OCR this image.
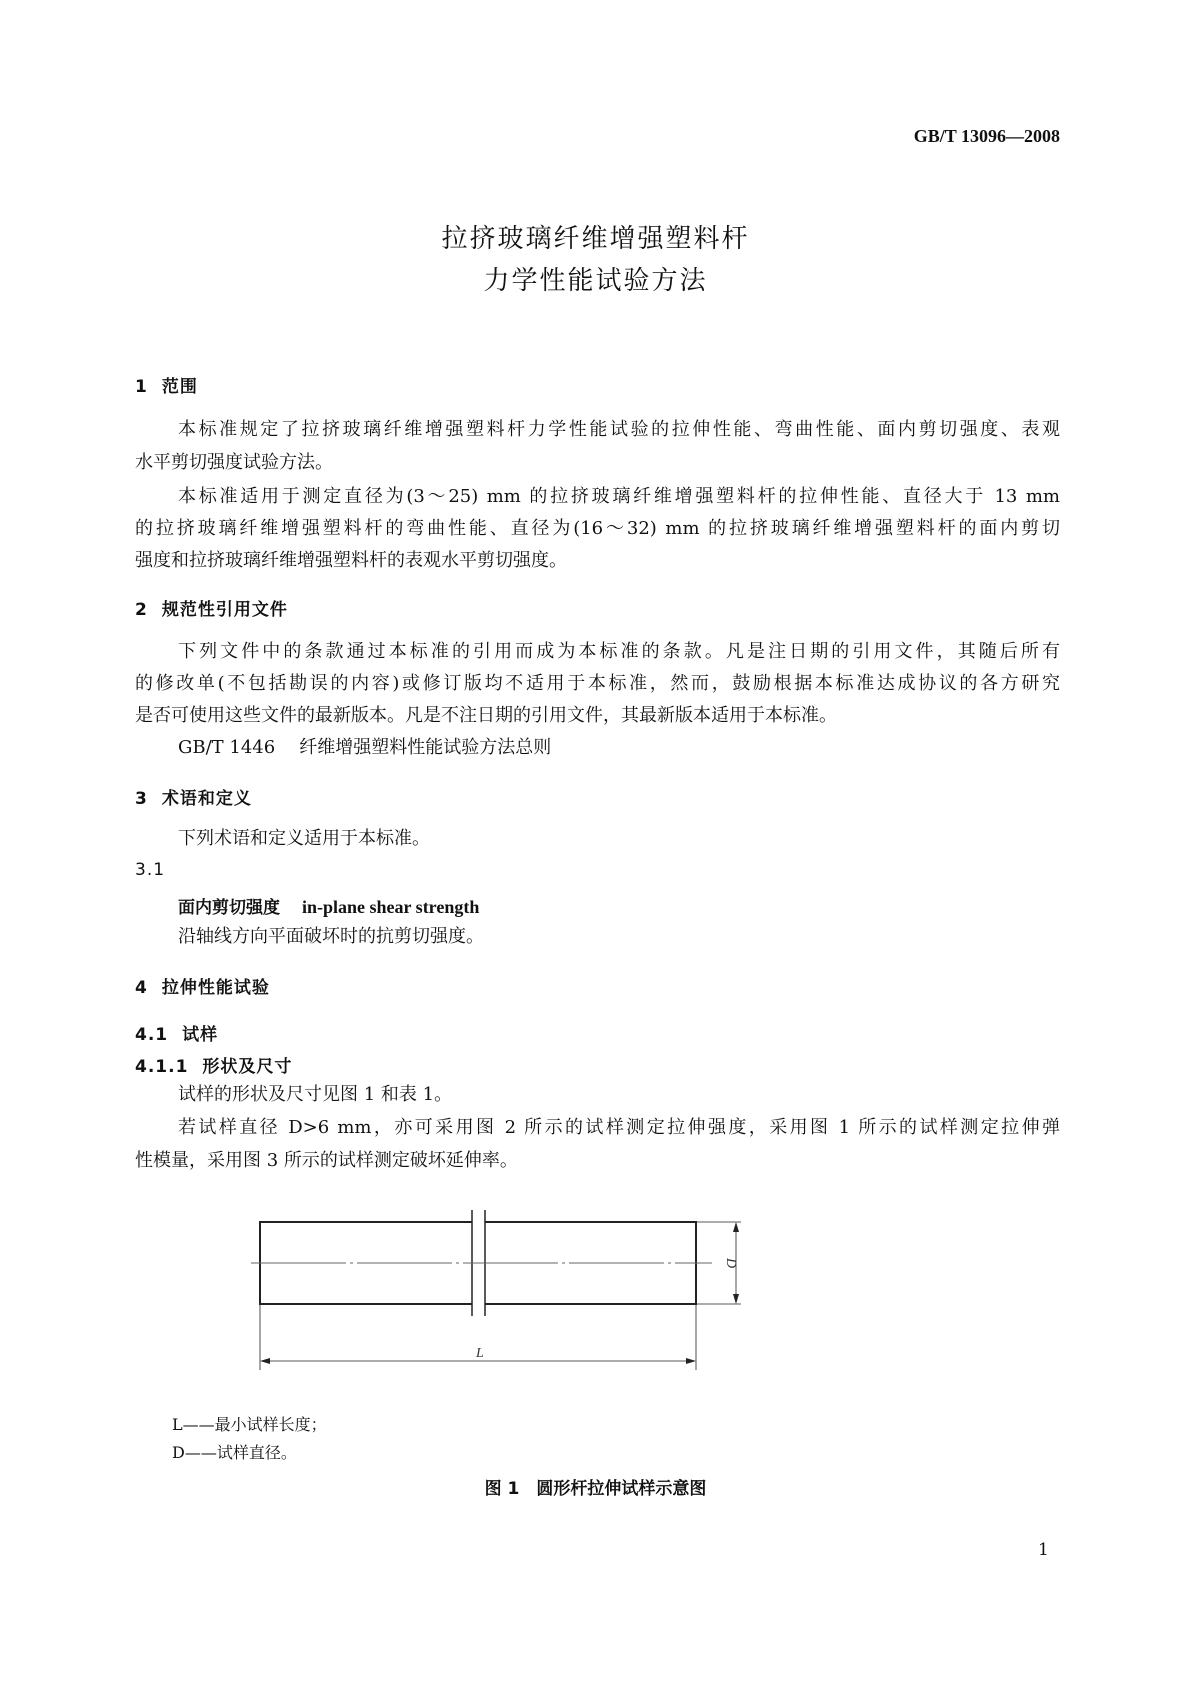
GB/T 13096—2008
拉挤玻璃纤维增强塑料杆
力学性能试验方法
1 范围
本标准规定了拉挤玻璃纤维增强塑料杆力学性能试验的拉伸性能、弯曲性能、面内剪切强度、表观
水平剪切强度试验方法。
本标准适用于测定直径为(3～25) mm 的拉挤玻璃纤维增强塑料杆的拉伸性能、直径大于 13 mm
的拉挤玻璃纤维增强塑料杆的弯曲性能、直径为(16～32) mm 的拉挤玻璃纤维增强塑料杆的面内剪切
强度和拉挤玻璃纤维增强塑料杆的表观水平剪切强度。
2 规范性引用文件
下列文件中的条款通过本标准的引用而成为本标准的条款。凡是注日期的引用文件，其随后所有
的修改单(不包括勘误的内容)或修订版均不适用于本标准，然而，鼓励根据本标准达成协议的各方研究
是否可使用这些文件的最新版本。凡是不注日期的引用文件，其最新版本适用于本标准。
GB/T 1446 纤维增强塑料性能试验方法总则
3 术语和定义
下列术语和定义适用于本标准。
3.1
面内剪切强度 in-plane shear strength
沿轴线方向平面破坏时的抗剪切强度。
4 拉伸性能试验
4.1 试样
4.1.1 形状及尺寸
试样的形状及尺寸见图 1 和表 1。
若试样直径 D>6 mm，亦可采用图 2 所示的试样测定拉伸强度，采用图 1 所示的试样测定拉伸弹
性模量，采用图 3 所示的试样测定破坏延伸率。
L
D
L——最小试样长度；
D——试样直径。
图 1　圆形杆拉伸试样示意图
1
